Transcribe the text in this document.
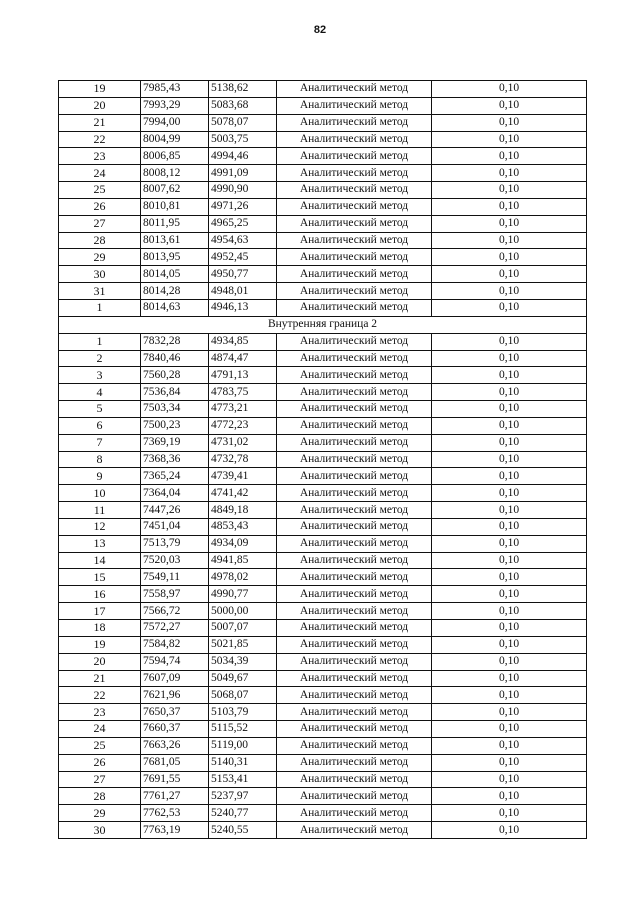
82
19	7985,43	5138,62	Аналитический метод	0,10
20	7993,29	5083,68	Аналитический метод	0,10
21	7994,00	5078,07	Аналитический метод	0,10
22	8004,99	5003,75	Аналитический метод	0,10
23	8006,85	4994,46	Аналитический метод	0,10
24	8008,12	4991,09	Аналитический метод	0,10
25	8007,62	4990,90	Аналитический метод	0,10
26	8010,81	4971,26	Аналитический метод	0,10
27	8011,95	4965,25	Аналитический метод	0,10
28	8013,61	4954,63	Аналитический метод	0,10
29	8013,95	4952,45	Аналитический метод	0,10
30	8014,05	4950,77	Аналитический метод	0,10
31	8014,28	4948,01	Аналитический метод	0,10
1	8014,63	4946,13	Аналитический метод	0,10
Внутренняя граница 2				
1	7832,28	4934,85	Аналитический метод	0,10
2	7840,46	4874,47	Аналитический метод	0,10
3	7560,28	4791,13	Аналитический метод	0,10
4	7536,84	4783,75	Аналитический метод	0,10
5	7503,34	4773,21	Аналитический метод	0,10
6	7500,23	4772,23	Аналитический метод	0,10
7	7369,19	4731,02	Аналитический метод	0,10
8	7368,36	4732,78	Аналитический метод	0,10
9	7365,24	4739,41	Аналитический метод	0,10
10	7364,04	4741,42	Аналитический метод	0,10
11	7447,26	4849,18	Аналитический метод	0,10
12	7451,04	4853,43	Аналитический метод	0,10
13	7513,79	4934,09	Аналитический метод	0,10
14	7520,03	4941,85	Аналитический метод	0,10
15	7549,11	4978,02	Аналитический метод	0,10
16	7558,97	4990,77	Аналитический метод	0,10
17	7566,72	5000,00	Аналитический метод	0,10
18	7572,27	5007,07	Аналитический метод	0,10
19	7584,82	5021,85	Аналитический метод	0,10
20	7594,74	5034,39	Аналитический метод	0,10
21	7607,09	5049,67	Аналитический метод	0,10
22	7621,96	5068,07	Аналитический метод	0,10
23	7650,37	5103,79	Аналитический метод	0,10
24	7660,37	5115,52	Аналитический метод	0,10
25	7663,26	5119,00	Аналитический метод	0,10
26	7681,05	5140,31	Аналитический метод	0,10
27	7691,55	5153,41	Аналитический метод	0,10
28	7761,27	5237,97	Аналитический метод	0,10
29	7762,53	5240,77	Аналитический метод	0,10
30	7763,19	5240,55	Аналитический метод	0,10
